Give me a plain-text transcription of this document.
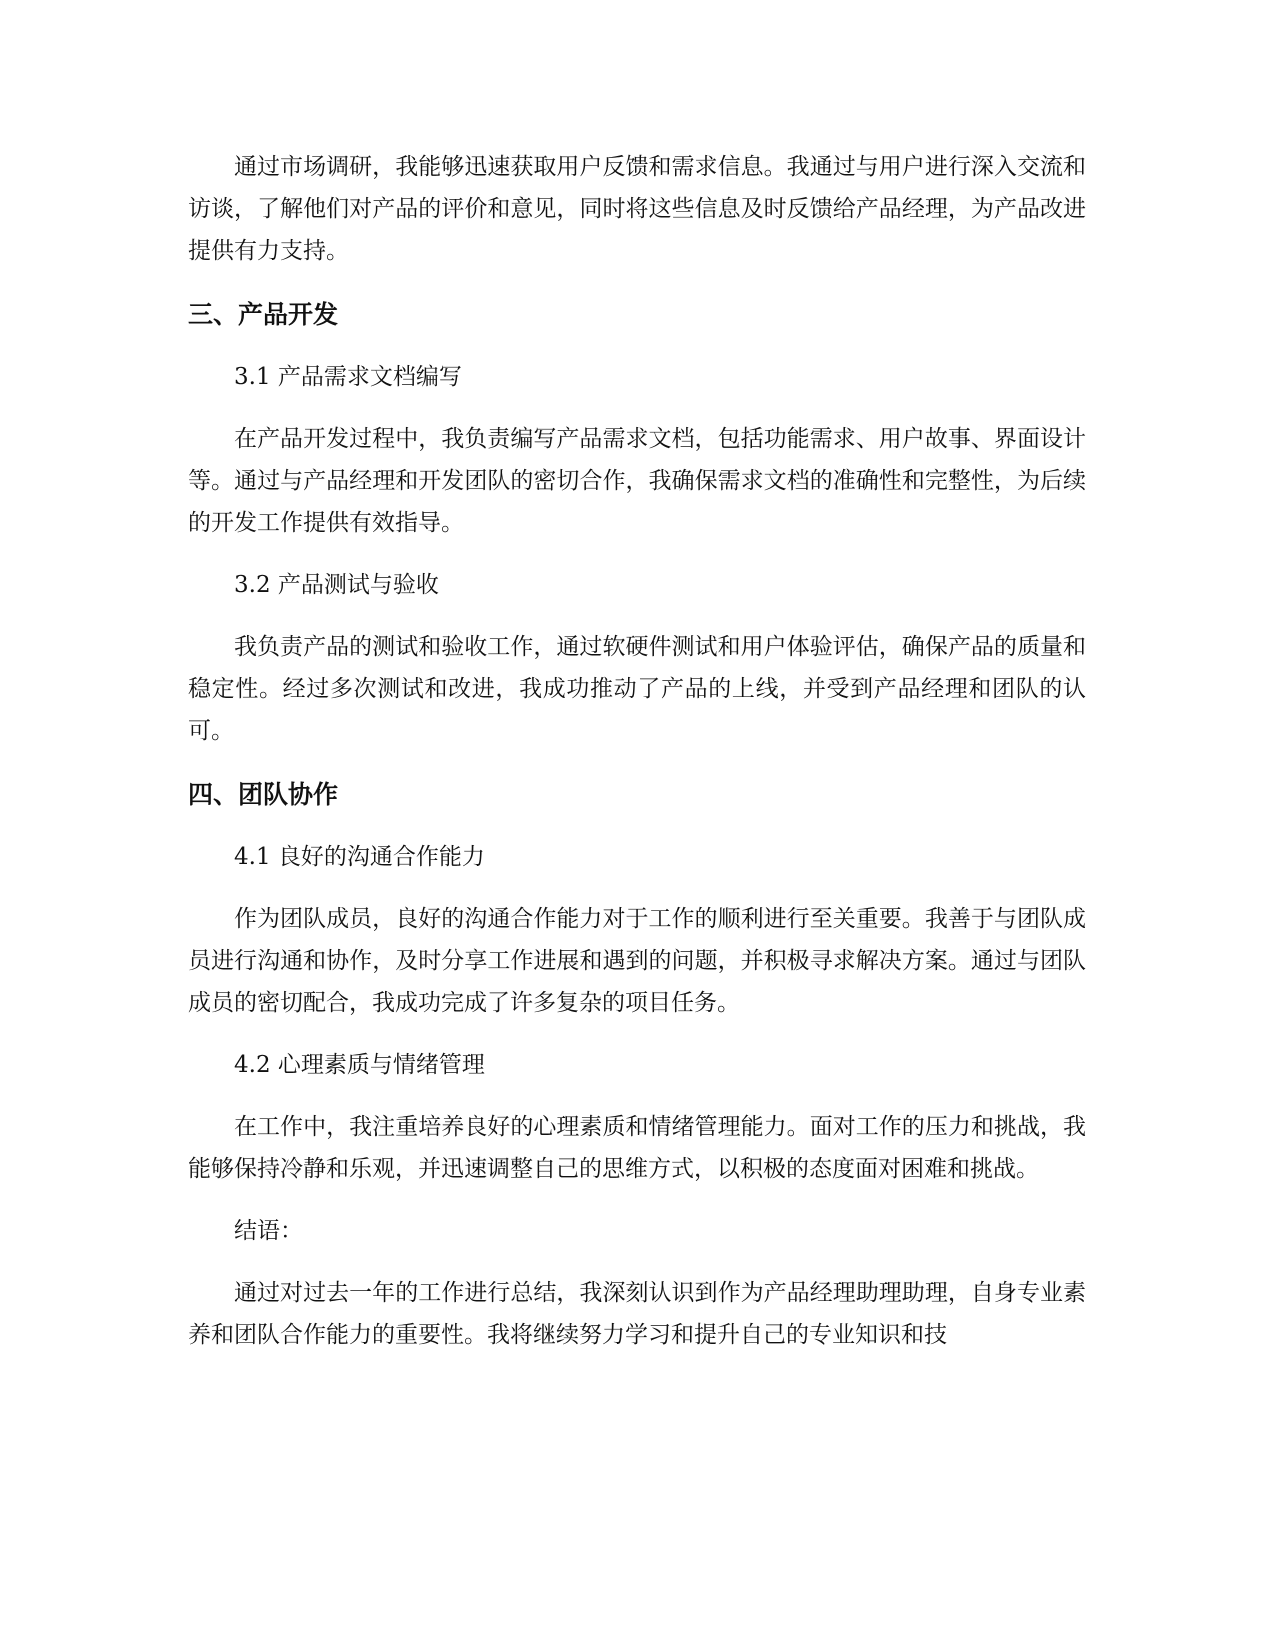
通过市场调研，我能够迅速获取用户反馈和需求信息。我通过与用户进行深入交流和访谈，了解他们对产品的评价和意见，同时将这些信息及时反馈给产品经理，为产品改进提供有力支持。

三、产品开发

3.1 产品需求文档编写

在产品开发过程中，我负责编写产品需求文档，包括功能需求、用户故事、界面设计等。通过与产品经理和开发团队的密切合作，我确保需求文档的准确性和完整性，为后续的开发工作提供有效指导。

3.2 产品测试与验收

我负责产品的测试和验收工作，通过软硬件测试和用户体验评估，确保产品的质量和稳定性。经过多次测试和改进，我成功推动了产品的上线，并受到产品经理和团队的认可。

四、团队协作

4.1 良好的沟通合作能力

作为团队成员，良好的沟通合作能力对于工作的顺利进行至关重要。我善于与团队成员进行沟通和协作，及时分享工作进展和遇到的问题，并积极寻求解决方案。通过与团队成员的密切配合，我成功完成了许多复杂的项目任务。

4.2 心理素质与情绪管理

在工作中，我注重培养良好的心理素质和情绪管理能力。面对工作的压力和挑战，我能够保持冷静和乐观，并迅速调整自己的思维方式，以积极的态度面对困难和挑战。

结语：

通过对过去一年的工作进行总结，我深刻认识到作为产品经理助理助理，自身专业素养和团队合作能力的重要性。我将继续努力学习和提升自己的专业知识和技
